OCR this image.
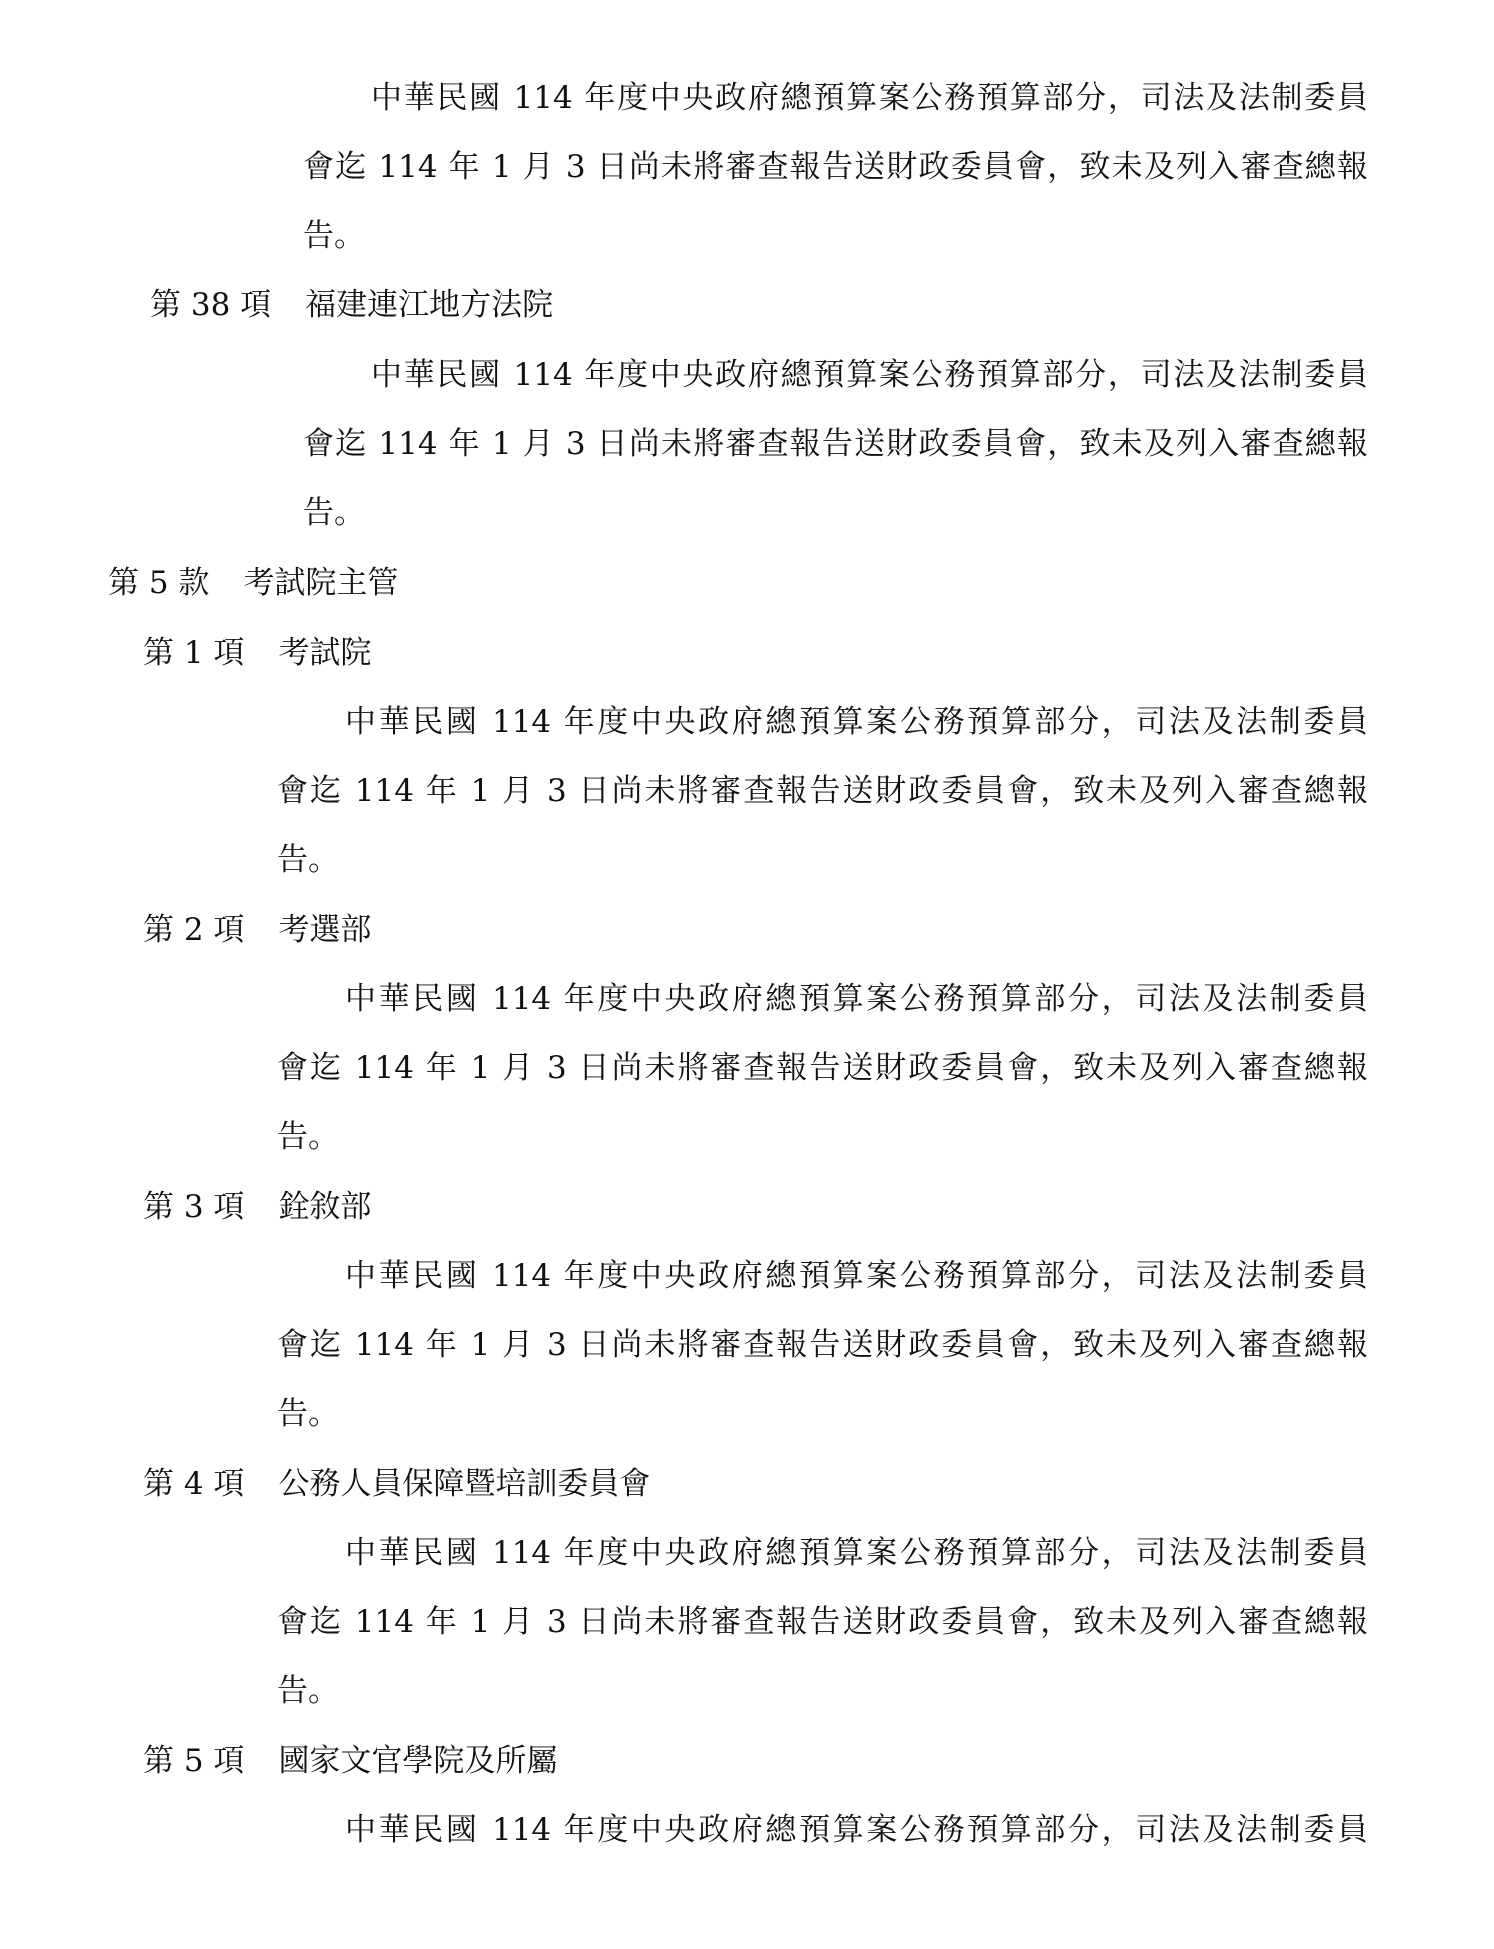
中華民國 114 年度中央政府總預算案公務預算部分，司法及法制委員

會迄 114 年 1 月 3 日尚未將審查報告送財政委員會，致未及列入審查總報

告。

第 38 項 福建連江地方法院

中華民國 114 年度中央政府總預算案公務預算部分，司法及法制委員

會迄 114 年 1 月 3 日尚未將審查報告送財政委員會，致未及列入審查總報

告。

第 5 款 考試院主管
第 1 項 考試院

中華民國 114 年度中央政府總預算案公務預算部分，司法及法制委員

會迄 114 年 1 月 3 日尚未將審查報告送財政委員會，致未及列入審查總報

告。

第 2 項 考選部

中華民國 114 年度中央政府總預算案公務預算部分，司法及法制委員

會迄 114 年 1 月 3 日尚未將審查報告送財政委員會，致未及列入審查總報

告。

第 3 項 銓敘部

中華民國 114 年度中央政府總預算案公務預算部分，司法及法制委員

會迄 114 年 1 月 3 日尚未將審查報告送財政委員會，致未及列入審查總報

告。

第 4 項 公務人員保障暨培訓委員會

中華民國 114 年度中央政府總預算案公務預算部分，司法及法制委員

會迄 114 年 1 月 3 日尚未將審查報告送財政委員會，致未及列入審查總報

告。

第 5 項 國家文官學院及所屬

中華民國 114 年度中央政府總預算案公務預算部分，司法及法制委員
